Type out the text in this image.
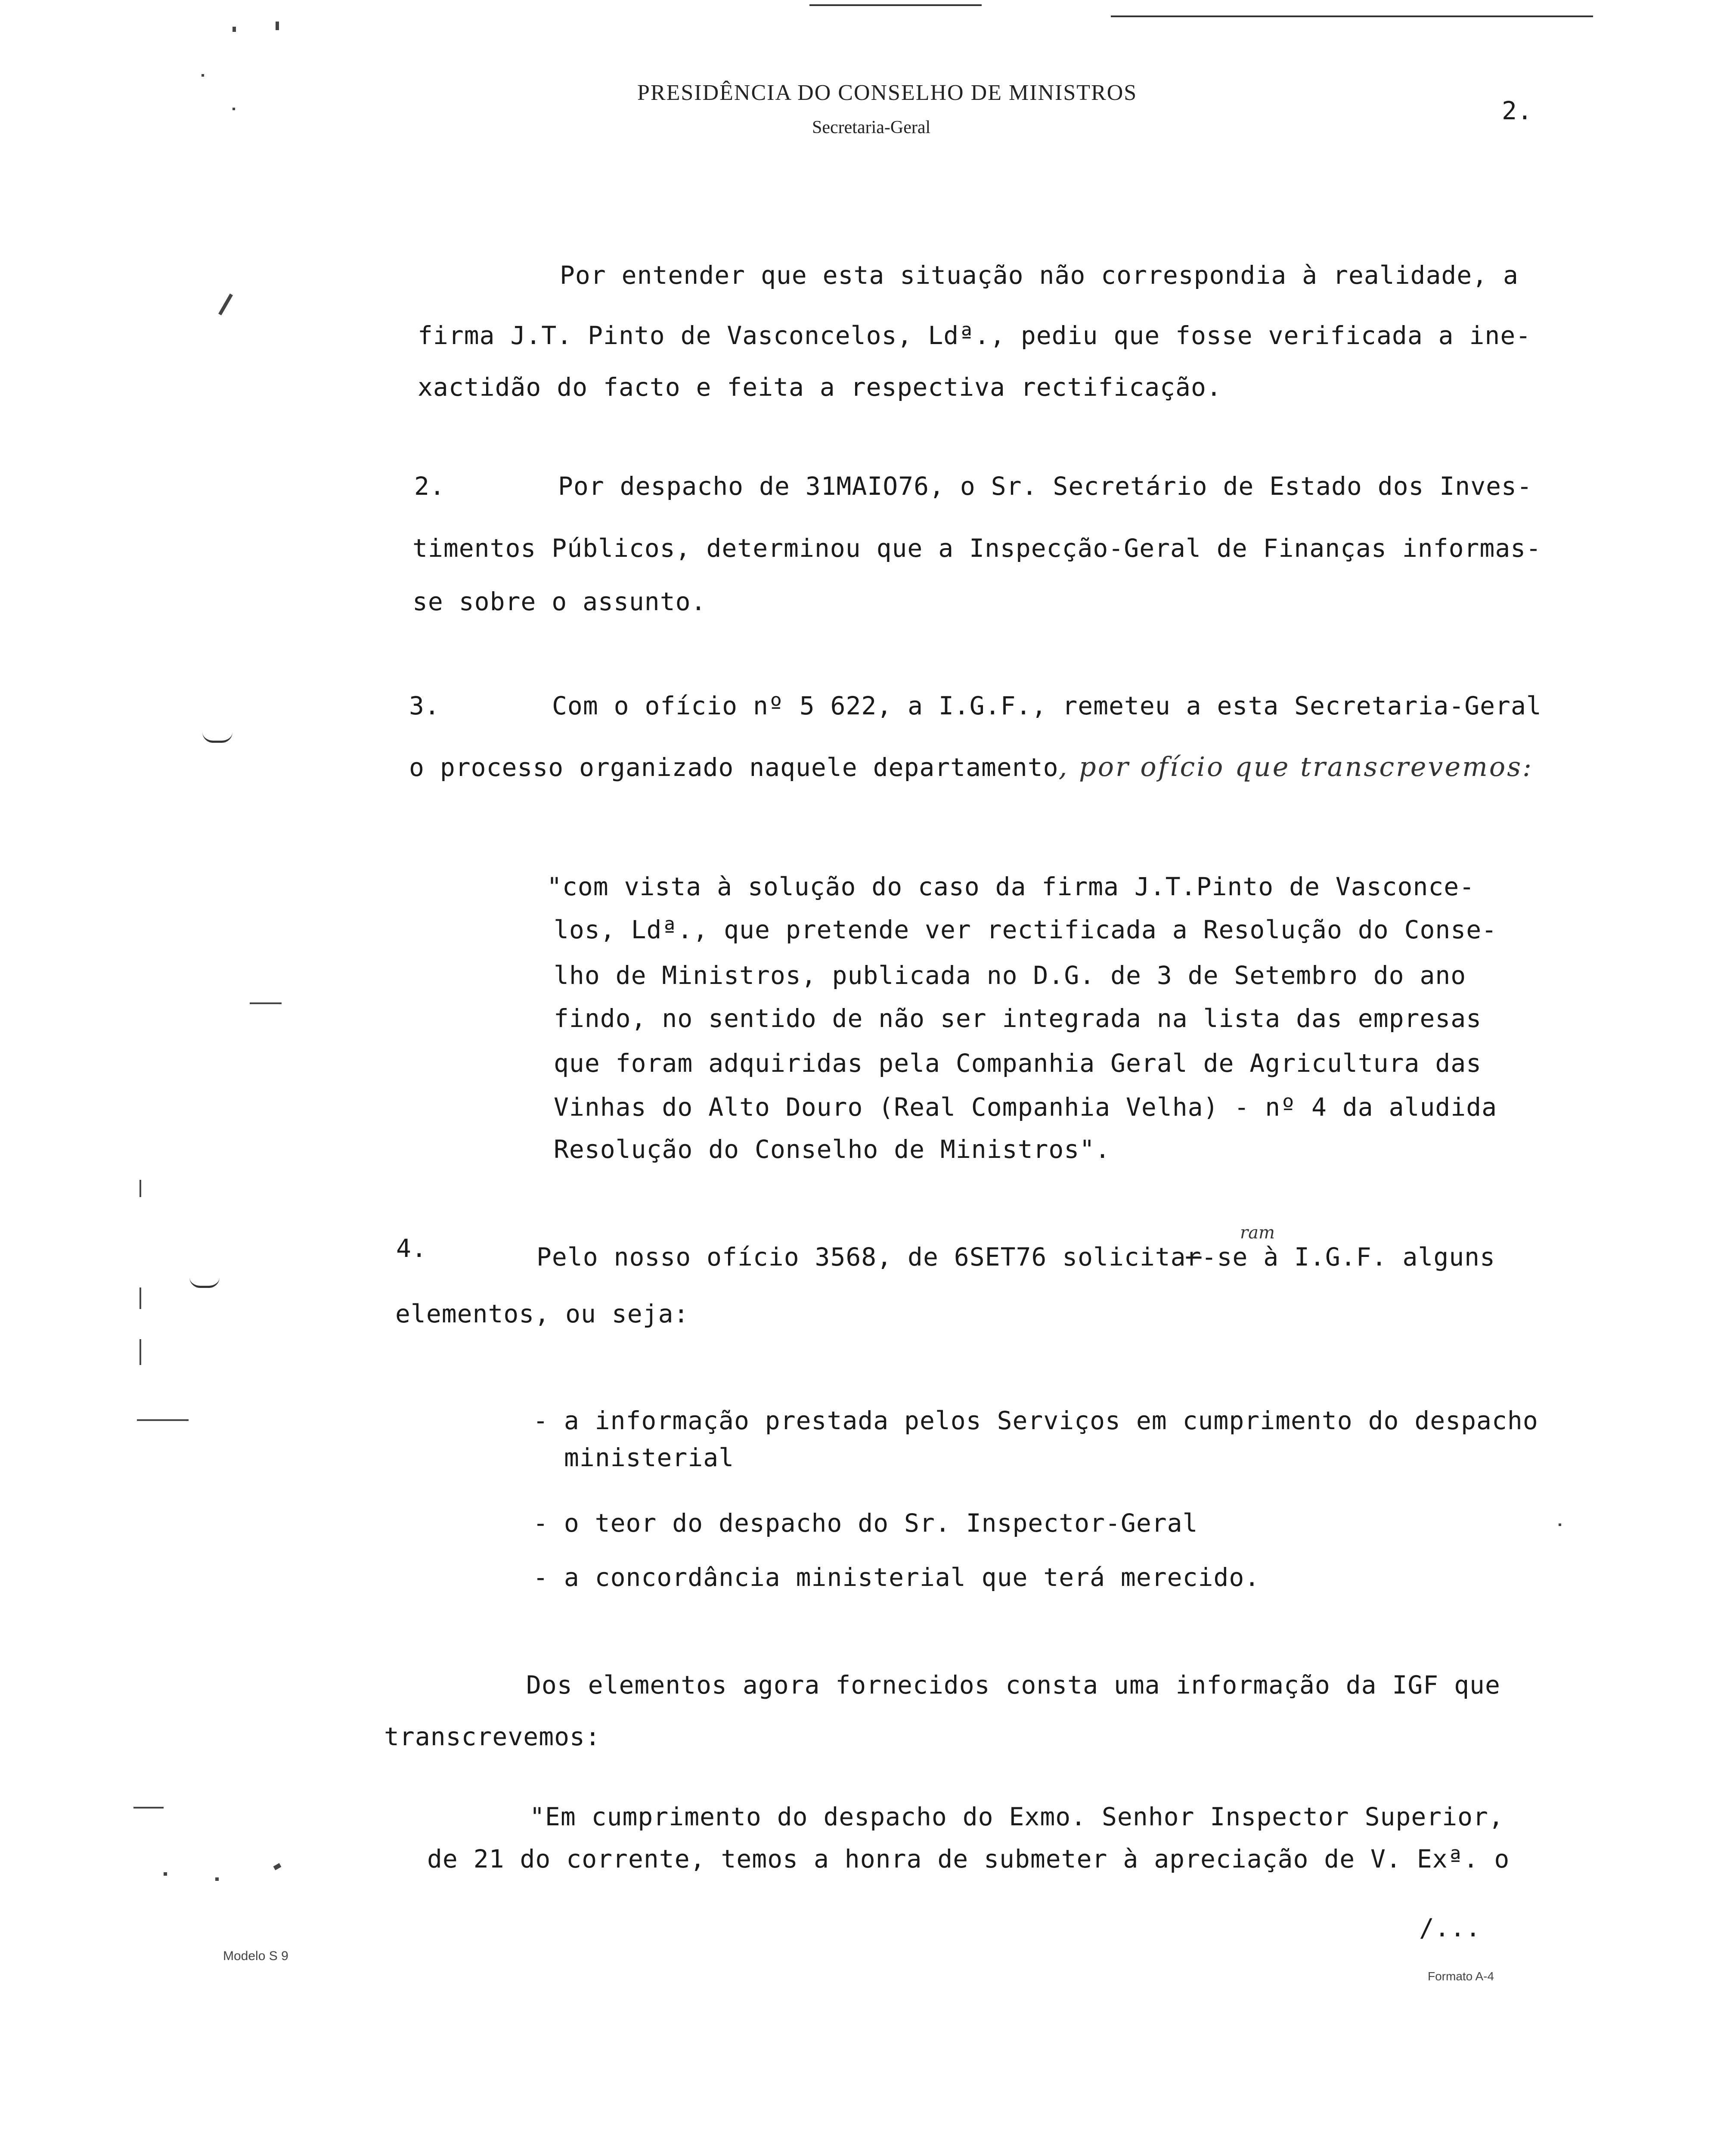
PRESIDÊNCIA DO CONSELHO DE MINISTROS
Secretaria-Geral
2.
Por entender que esta situação não correspondia à realidade, a
firma J.T. Pinto de Vasconcelos, Ldª., pediu que fosse verificada a ine-
xactidão do facto e feita a respectiva rectificação.
2.	Por despacho de 31MAIO76, o Sr. Secretário de Estado dos Inves-
timentos Públicos, determinou que a Inspecção-Geral de Finanças informas-
se sobre o assunto.
3.	Com o ofício nº 5 622, a I.G.F., remeteu a esta Secretaria-Geral
o processo organizado naquele departamento, por ofício que transcrevemos:
"com vista à solução do caso da firma J.T.Pinto de Vasconce-
los, Ldª., que pretende ver rectificada a Resolução do Conse-
lho de Ministros, publicada no D.G. de 3 de Setembro do ano
findo, no sentido de não ser integrada na lista das empresas
que foram adquiridas pela Companhia Geral de Agricultura das
Vinhas do Alto Douro (Real Companhia Velha) - nº 4 da aludida
Resolução do Conselho de Ministros".
4.	Pelo nosso ofício 3568, de 6SET76 solicitar-se à I.G.F. alguns
ram
elementos, ou seja:
- a informação prestada pelos Serviços em cumprimento do despacho
ministerial
- o teor do despacho do Sr. Inspector-Geral
- a concordância ministerial que terá merecido.
Dos elementos agora fornecidos consta uma informação da IGF que
transcrevemos:
"Em cumprimento do despacho do Exmo. Senhor Inspector Superior,
de 21 do corrente, temos a honra de submeter à apreciação de V. Exª. o
/...
Modelo S 9
Formato A-4
